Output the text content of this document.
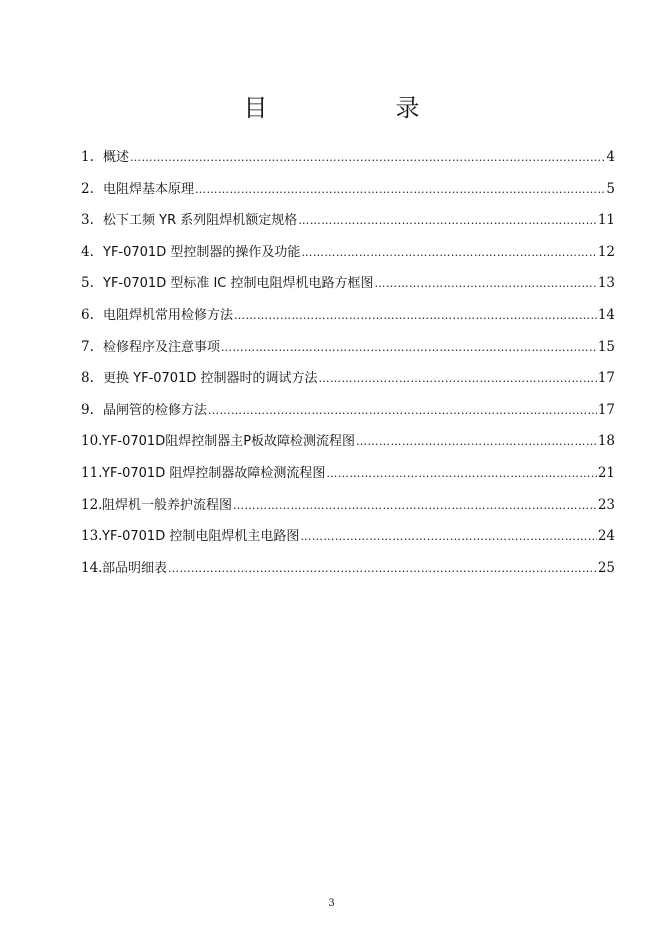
目　录
1. 概述 …………………………………………………………………………………………………………………………	4
2. 电阻焊基本原理 …………………………………………………………………………………………………………………………	5
3. 松下工频 YR 系列阻焊机额定规格 …………………………………………………………………………………………………………………………	11
4. YF-0701D 型控制器的操作及功能 …………………………………………………………………………………………………………………………	12
5. YF-0701D 型标准 IC 控制电阻焊机电路方框图 …………………………………………………………………………………………………………………………	13
6. 电阻焊机常用检修方法 …………………………………………………………………………………………………………………………	14
7. 检修程序及注意事项 …………………………………………………………………………………………………………………………	15
8. 更换 YF-0701D 控制器时的调试方法 …………………………………………………………………………………………………………………………	17
9. 晶闸管的检修方法 …………………………………………………………………………………………………………………………	17
10. YF-0701D阻焊控制器主P板故障检测流程图 …………………………………………………………………………………………………………………………	18
11. YF-0701D 阻焊控制器故障检测流程图 …………………………………………………………………………………………………………………………	21
12. 阻焊机一般养护流程图 …………………………………………………………………………………………………………………………	23
13. YF-0701D 控制电阻焊机主电路图 …………………………………………………………………………………………………………………………	24
14. 部品明细表 …………………………………………………………………………………………………………………………	25
3
